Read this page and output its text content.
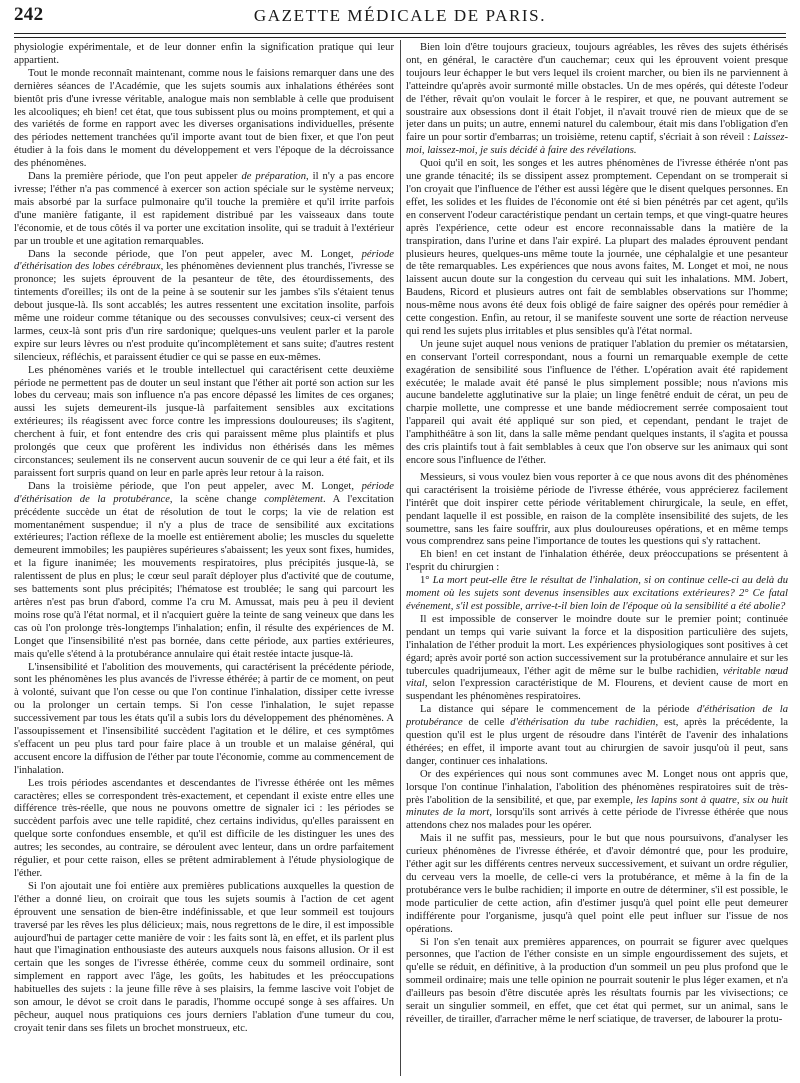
242	GAZETTE MÉDICALE DE PARIS.

physiologie expérimentale, et de leur donner enfin la signification pratique qui leur appartient.

Tout le monde reconnaît maintenant, comme nous le faisions remarquer dans une des dernières séances de l'Académie, que les sujets soumis aux inhalations éthérées sont bientôt pris d'une ivresse véritable, analogue mais non semblable à celle que produisent les alcooliques; eh bien! cet état, que tous subissent plus ou moins promptement, et qui a des variétés de forme en rapport avec les diverses organisations individuelles, présente des périodes nettement tranchées qu'il importe avant tout de bien fixer, et que l'on peut étudier à la fois dans le moment du développement et vers l'époque de la décroissance des phénomènes.

Dans la première période, que l'on peut appeler de préparation, il n'y a pas encore ivresse; l'éther n'a pas commencé à exercer son action spéciale sur le système nerveux; mais absorbé par la surface pulmonaire qu'il touche la première et qu'il irrite parfois d'une manière fatigante, il est rapidement distribué par les vaisseaux dans toute l'économie, et de tous côtés il va porter une excitation insolite, qui se traduit à l'extérieur par un trouble et une agitation remarquables.

Dans la seconde période, que l'on peut appeler, avec M. Longet, période d'éthérisation des lobes cérébraux, les phénomènes deviennent plus tranchés, l'ivresse se prononce; les sujets éprouvent de la pesanteur de tête, des étourdissements, des tintements d'oreilles; ils ont de la peine à se soutenir sur les jambes s'ils s'étaient tenus debout jusque-là. Ils sont accablés; les autres ressentent une excitation insolite, parfois même une roideur comme tétanique ou des secousses convulsives; ceux-ci versent des larmes, ceux-là sont pris d'un rire sardonique; quelques-uns veulent parler et la parole expire sur leurs lèvres ou n'est produite qu'incomplètement et sans suite; d'autres restent silencieux, réfléchis, et paraissent étudier ce qui se passe en eux-mêmes.

Les phénomènes variés et le trouble intellectuel qui caractérisent cette deuxième période ne permettent pas de douter un seul instant que l'éther ait porté son action sur les lobes du cerveau; mais son influence n'a pas encore dépassé les limites de ces organes; aussi les sujets demeurent-ils jusque-là parfaitement sensibles aux excitations extérieures; ils réagissent avec force contre les impressions douloureuses; ils s'agitent, cherchent à fuir, et font entendre des cris qui paraissent même plus plaintifs et plus prolongés que ceux que profèrent les individus non éthérisés dans les mêmes circonstances; seulement ils ne conservent aucun souvenir de ce qui leur a été fait, et ils paraissent fort surpris quand on leur en parle après leur retour à la raison.

Dans la troisième période, que l'on peut appeler, avec M. Longet, période d'éthérisation de la protubérance, la scène change complètement. A l'excitation précédente succède un état de résolution de tout le corps; la vie de relation est momentanément suspendue; il n'y a plus de trace de sensibilité aux excitations extérieures; l'action réflexe de la moelle est entièrement abolie; les muscles du squelette demeurent immobiles; les paupières supérieures s'abaissent; les yeux sont fixes, humides, et la figure inanimée; les mouvements respiratoires, plus précipités jusque-là, se ralentissent de plus en plus; le cœur seul paraît déployer plus d'activité que de coutume, ses battements sont plus précipités; l'hématose est troublée; le sang qui parcourt les artères n'est pas brun d'abord, comme l'a cru M. Amussat, mais peu à peu il devient moins rose qu'à l'état normal, et il n'acquiert guère la teinte de sang veineux que dans les cas où l'on prolonge très-longtemps l'inhalation; enfin, il résulte des expériences de M. Longet que l'insensibilité n'est pas bornée, dans cette période, aux parties extérieures, mais qu'elle s'étend à la protubérance annulaire qui était restée intacte jusque-là.

L'insensibilité et l'abolition des mouvements, qui caractérisent la précédente période, sont les phénomènes les plus avancés de l'ivresse éthérée; à partir de ce moment, on peut à volonté, suivant que l'on cesse ou que l'on continue l'inhalation, dissiper cette ivresse ou la prolonger un certain temps. Si l'on cesse l'inhalation, le sujet repasse successivement par tous les états qu'il a subis lors du développement des phénomènes. A l'assoupissement et l'insensibilité succèdent l'agitation et le délire, et ces symptômes s'effacent un peu plus tard pour faire place à un trouble et un malaise général, qui accusent encore la diffusion de l'éther par toute l'économie, comme au commencement de l'inhalation.

Les trois périodes ascendantes et descendantes de l'ivresse éthérée ont les mêmes caractères; elles se correspondent très-exactement, et cependant il existe entre elles une différence très-réelle, que nous ne pouvons omettre de signaler ici : les périodes se succèdent parfois avec une telle rapidité, chez certains individus, qu'elles paraissent en quelque sorte confondues ensemble, et qu'il est difficile de les distinguer les unes des autres; les secondes, au contraire, se déroulent avec lenteur, dans un ordre parfaitement régulier, et pour cette raison, elles se prêtent admirablement à l'étude physiologique de l'éther.

Si l'on ajoutait une foi entière aux premières publications auxquelles la question de l'éther a donné lieu, on croirait que tous les sujets soumis à l'action de cet agent éprouvent une sensation de bien-être indéfinissable, et que leur sommeil est toujours traversé par les rêves les plus délicieux; mais, nous regrettons de le dire, il est impossible aujourd'hui de partager cette manière de voir : les faits sont là, en effet, et ils parlent plus haut que l'imagination enthousiaste des auteurs auxquels nous faisons allusion. Or il est certain que les songes de l'ivresse éthérée, comme ceux du sommeil ordinaire, sont simplement en rapport avec l'âge, les goûts, les habitudes et les préoccupations habituelles des sujets : la jeune fille rêve à ses plaisirs, la femme lascive voit l'objet de son amour, le dévot se croit dans le paradis, l'homme occupé songe à ses affaires. Un pêcheur, auquel nous pratiquions ces jours derniers l'ablation d'une tumeur du cou, croyait tenir dans ses filets un brochet monstrueux, etc.

Bien loin d'être toujours gracieux, toujours agréables, les rêves des sujets éthérisés ont, en général, le caractère d'un cauchemar; ceux qui les éprouvent voient presque toujours leur échapper le but vers lequel ils croient marcher, ou bien ils ne parviennent à l'atteindre qu'après avoir surmonté mille obstacles. Un de mes opérés, qui déteste l'odeur de l'éther, rêvait qu'on voulait le forcer à le respirer, et que, ne pouvant autrement se soustraire aux obsessions dont il était l'objet, il n'avait trouvé rien de mieux que de se jeter dans un puits; un autre, ennemi naturel du calembour, était mis dans l'obligation d'en faire un pour sortir d'embarras; un troisième, retenu captif, s'écriait à son réveil : Laissez-moi, laissez-moi, je suis décidé à faire des révélations.

Quoi qu'il en soit, les songes et les autres phénomènes de l'ivresse éthérée n'ont pas une grande ténacité; ils se dissipent assez promptement. Cependant on se tromperait si l'on croyait que l'influence de l'éther est aussi légère que le disent quelques personnes. En effet, les solides et les fluides de l'économie ont été si bien pénétrés par cet agent, qu'ils en conservent l'odeur caractéristique pendant un certain temps, et que vingt-quatre heures après l'expérience, cette odeur est encore reconnaissable dans la matière de la transpiration, dans l'urine et dans l'air expiré. La plupart des malades éprouvent pendant plusieurs heures, quelques-uns même toute la journée, une céphalalgie et une pesanteur de tête remarquables. Les expériences que nous avons faites, M. Longet et moi, ne nous laissent aucun doute sur la congestion du cerveau qui suit les inhalations. MM. Jobert, Baudens, Ricord et plusieurs autres ont fait de semblables observations sur l'homme; nous-même nous avons été deux fois obligé de faire saigner des opérés pour remédier à cette congestion. Enfin, au retour, il se manifeste souvent une sorte de réaction nerveuse qui rend les sujets plus irritables et plus sensibles qu'à l'état normal.

Un jeune sujet auquel nous venions de pratiquer l'ablation du premier os métatarsien, en conservant l'orteil correspondant, nous a fourni un remarquable exemple de cette exagération de sensibilité sous l'influence de l'éther. L'opération avait été rapidement exécutée; le malade avait été pansé le plus simplement possible; nous n'avions mis aucune bandelette agglutinative sur la plaie; un linge fenêtré enduit de cérat, un peu de charpie mollette, une compresse et une bande médiocrement serrée composaient tout l'appareil qui avait été appliqué sur son pied, et cependant, pendant le trajet de l'amphithéâtre à son lit, dans la salle même pendant quelques instants, il s'agita et poussa des cris plaintifs tout à fait semblables à ceux que l'on observe sur les animaux qui sont encore sous l'influence de l'éther.

Messieurs, si vous voulez bien vous reporter à ce que nous avons dit des phénomènes qui caractérisent la troisième période de l'ivresse éthérée, vous apprécierez facilement l'intérêt que doit inspirer cette période véritablement chirurgicale, la seule, en effet, pendant laquelle il est possible, en raison de la complète insensibilité des sujets, de les soumettre, sans les faire souffrir, aux plus douloureuses opérations, et en même temps vous comprendrez sans peine l'importance de toutes les questions qui s'y rattachent.

Eh bien! en cet instant de l'inhalation éthérée, deux préoccupations se présentent à l'esprit du chirurgien :

1° La mort peut-elle être le résultat de l'inhalation, si on continue celle-ci au delà du moment où les sujets sont devenus insensibles aux excitations extérieures? 2° Ce fatal événement, s'il est possible, arrive-t-il bien loin de l'époque où la sensibilité a été abolie?

Il est impossible de conserver le moindre doute sur le premier point; continuée pendant un temps qui varie suivant la force et la disposition particulière des sujets, l'inhalation de l'éther produit la mort. Les expériences physiologiques sont positives à cet égard; après avoir porté son action successivement sur la protubérance annulaire et sur les tubercules quadrijumeaux, l'éther agit de même sur le bulbe rachidien, véritable nœud vital, selon l'expression caractéristique de M. Flourens, et devient cause de mort en suspendant les phénomènes respiratoires.

La distance qui sépare le commencement de la période d'éthérisation de la protubérance de celle d'éthérisation du tube rachidien, est, après la précédente, la question qu'il est le plus urgent de résoudre dans l'intérêt de l'avenir des inhalations éthérées; en effet, il importe avant tout au chirurgien de savoir jusqu'où il peut, sans danger, continuer ces inhalations.

Or des expériences qui nous sont communes avec M. Longet nous ont appris que, lorsque l'on continue l'inhalation, l'abolition des phénomènes respiratoires suit de très-près l'abolition de la sensibilité, et que, par exemple, les lapins sont à quatre, six ou huit minutes de la mort, lorsqu'ils sont arrivés à cette période de l'ivresse éthérée que nous attendons chez nos malades pour les opérer.

Mais il ne suffit pas, messieurs, pour le but que nous poursuivons, d'analyser les curieux phénomènes de l'ivresse éthérée, et d'avoir démontré que, pour les produire, l'éther agit sur les différents centres nerveux successivement, et suivant un ordre régulier, du cerveau vers la moelle, de celle-ci vers la protubérance, et même à la fin de la protubérance vers le bulbe rachidien; il importe en outre de déterminer, s'il est possible, le mode particulier de cette action, afin d'estimer jusqu'à quel point elle peut demeurer indifférente pour l'organisme, jusqu'à quel point elle peut influer sur l'issue de nos opérations.

Si l'on s'en tenait aux premières apparences, on pourrait se figurer avec quelques personnes, que l'action de l'éther consiste en un simple engourdissement des sujets, et qu'elle se réduit, en définitive, à la production d'un sommeil un peu plus profond que le sommeil ordinaire; mais une telle opinion ne pourrait soutenir le plus léger examen, et n'a d'ailleurs pas besoin d'être discutée après les résultats fournis par les vivisections; ce serait un singulier sommeil, en effet, que cet état qui permet, sur un animal, sans le réveiller, de tirailler, d'arracher même le nerf sciatique, de traverser, de labourer la protu-
